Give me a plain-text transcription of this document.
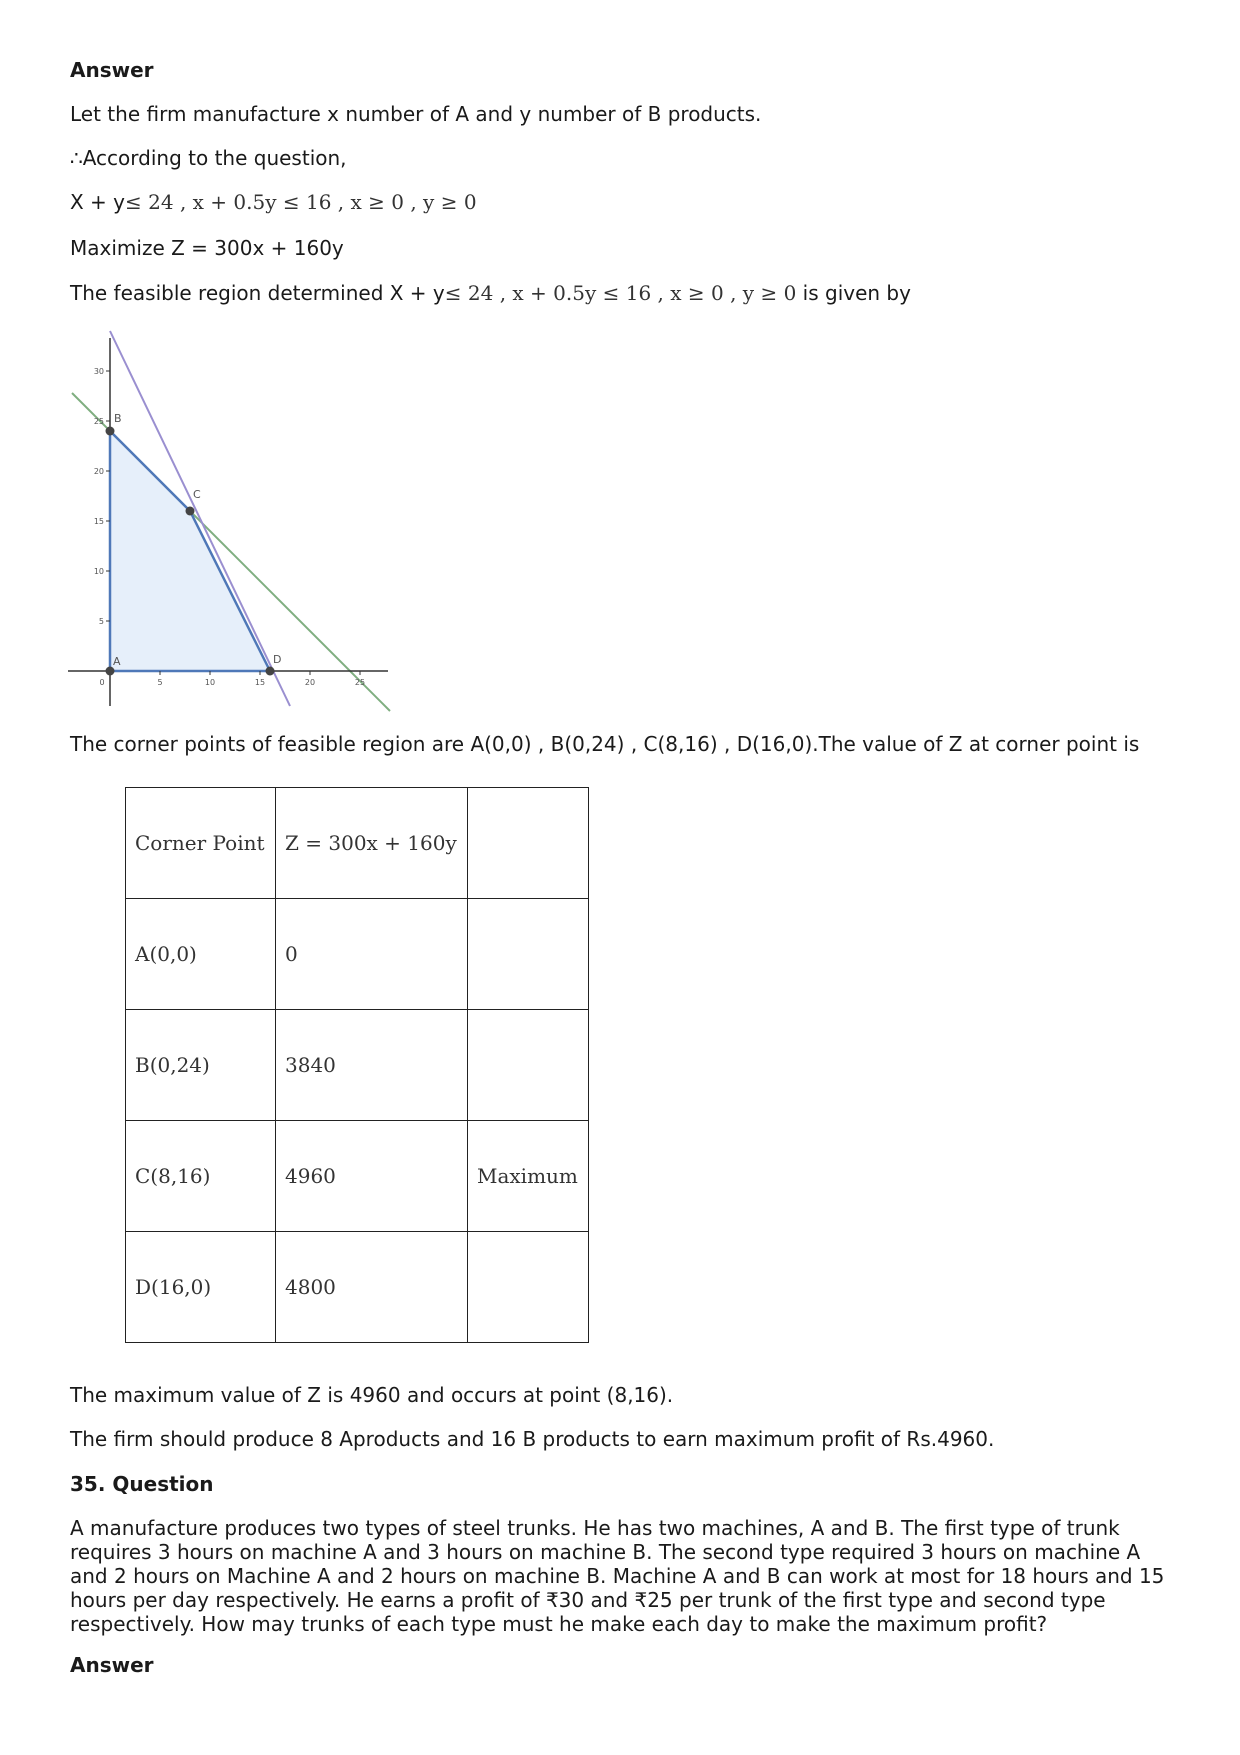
Answer
Let the firm manufacture x number of A and y number of B products.
∴According to the question,
X + y≤ 24 , x + 0.5y ≤ 16 , x ≥ 0 , y ≥ 0
Maximize Z = 300x + 160y
The feasible region determined X + y≤ 24 , x + 0.5y ≤ 16 , x ≥ 0 , y ≥ 0 is given by
0	5	10	15	20	25
5
10
15
20
25
30
A
B
C
D
The corner points of feasible region are A(0,0) , B(0,24) , C(8,16) , D(16,0).The value of Z at corner point is
Corner Point	Z = 300x + 160y	
A(0,0)	0	
B(0,24)	3840	
C(8,16)	4960	Maximum
D(16,0)	4800	
The maximum value of Z is 4960 and occurs at point (8,16).
The firm should produce 8 Aproducts and 16 B products to earn maximum profit of Rs.4960.
35. Question
A manufacture produces two types of steel trunks. He has two machines, A and B. The first type of trunk requires 3 hours on machine A and 3 hours on machine B. The second type required 3 hours on machine A and 2 hours on Machine A and 2 hours on machine B. Machine A and B can work at most for 18 hours and 15 hours per day respectively. He earns a profit of ₹30 and ₹25 per trunk of the first type and second type respectively. How may trunks of each type must he make each day to make the maximum profit?
Answer
